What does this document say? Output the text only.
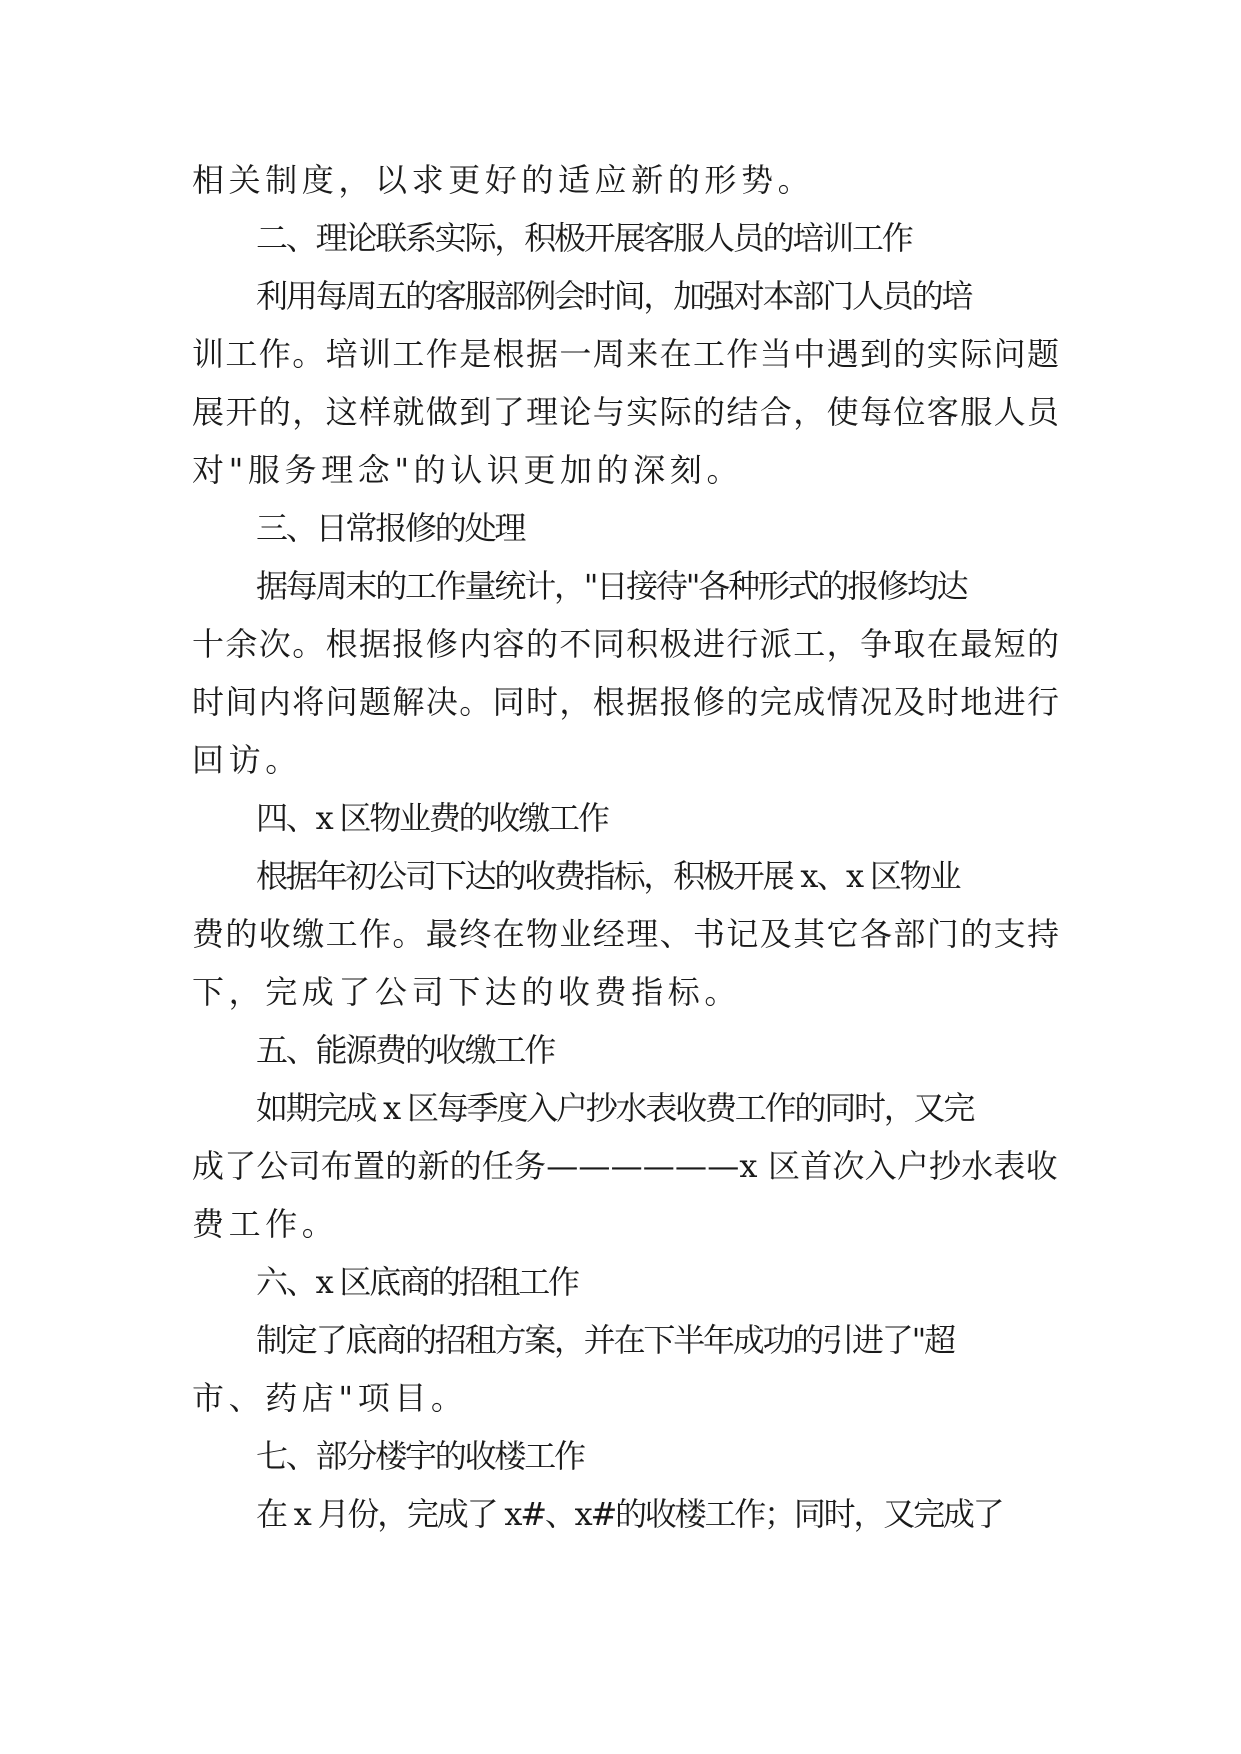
相关制度，以求更好的适应新的形势。
二、理论联系实际，积极开展客服人员的培训工作
利用每周五的客服部例会时间，加强对本部门人员的培
训工作。培训工作是根据一周来在工作当中遇到的实际问题
展开的，这样就做到了理论与实际的结合，使每位客服人员
对"服务理念"的认识更加的深刻。
三、日常报修的处理
据每周末的工作量统计，"日接待"各种形式的报修均达
十余次。根据报修内容的不同积极进行派工，争取在最短的
时间内将问题解决。同时，根据报修的完成情况及时地进行
回访。
四、x 区物业费的收缴工作
根据年初公司下达的收费指标，积极开展 x、x 区物业
费的收缴工作。最终在物业经理、书记及其它各部门的支持
下，完成了公司下达的收费指标。
五、能源费的收缴工作
如期完成 x 区每季度入户抄水表收费工作的同时，又完
成了公司布置的新的任务——————x 区首次入户抄水表收
费工作。
六、x 区底商的招租工作
制定了底商的招租方案，并在下半年成功的引进了"超
市、药店"项目。
七、部分楼宇的收楼工作
在 x 月份，完成了 x#、x#的收楼工作；同时，又完成了
